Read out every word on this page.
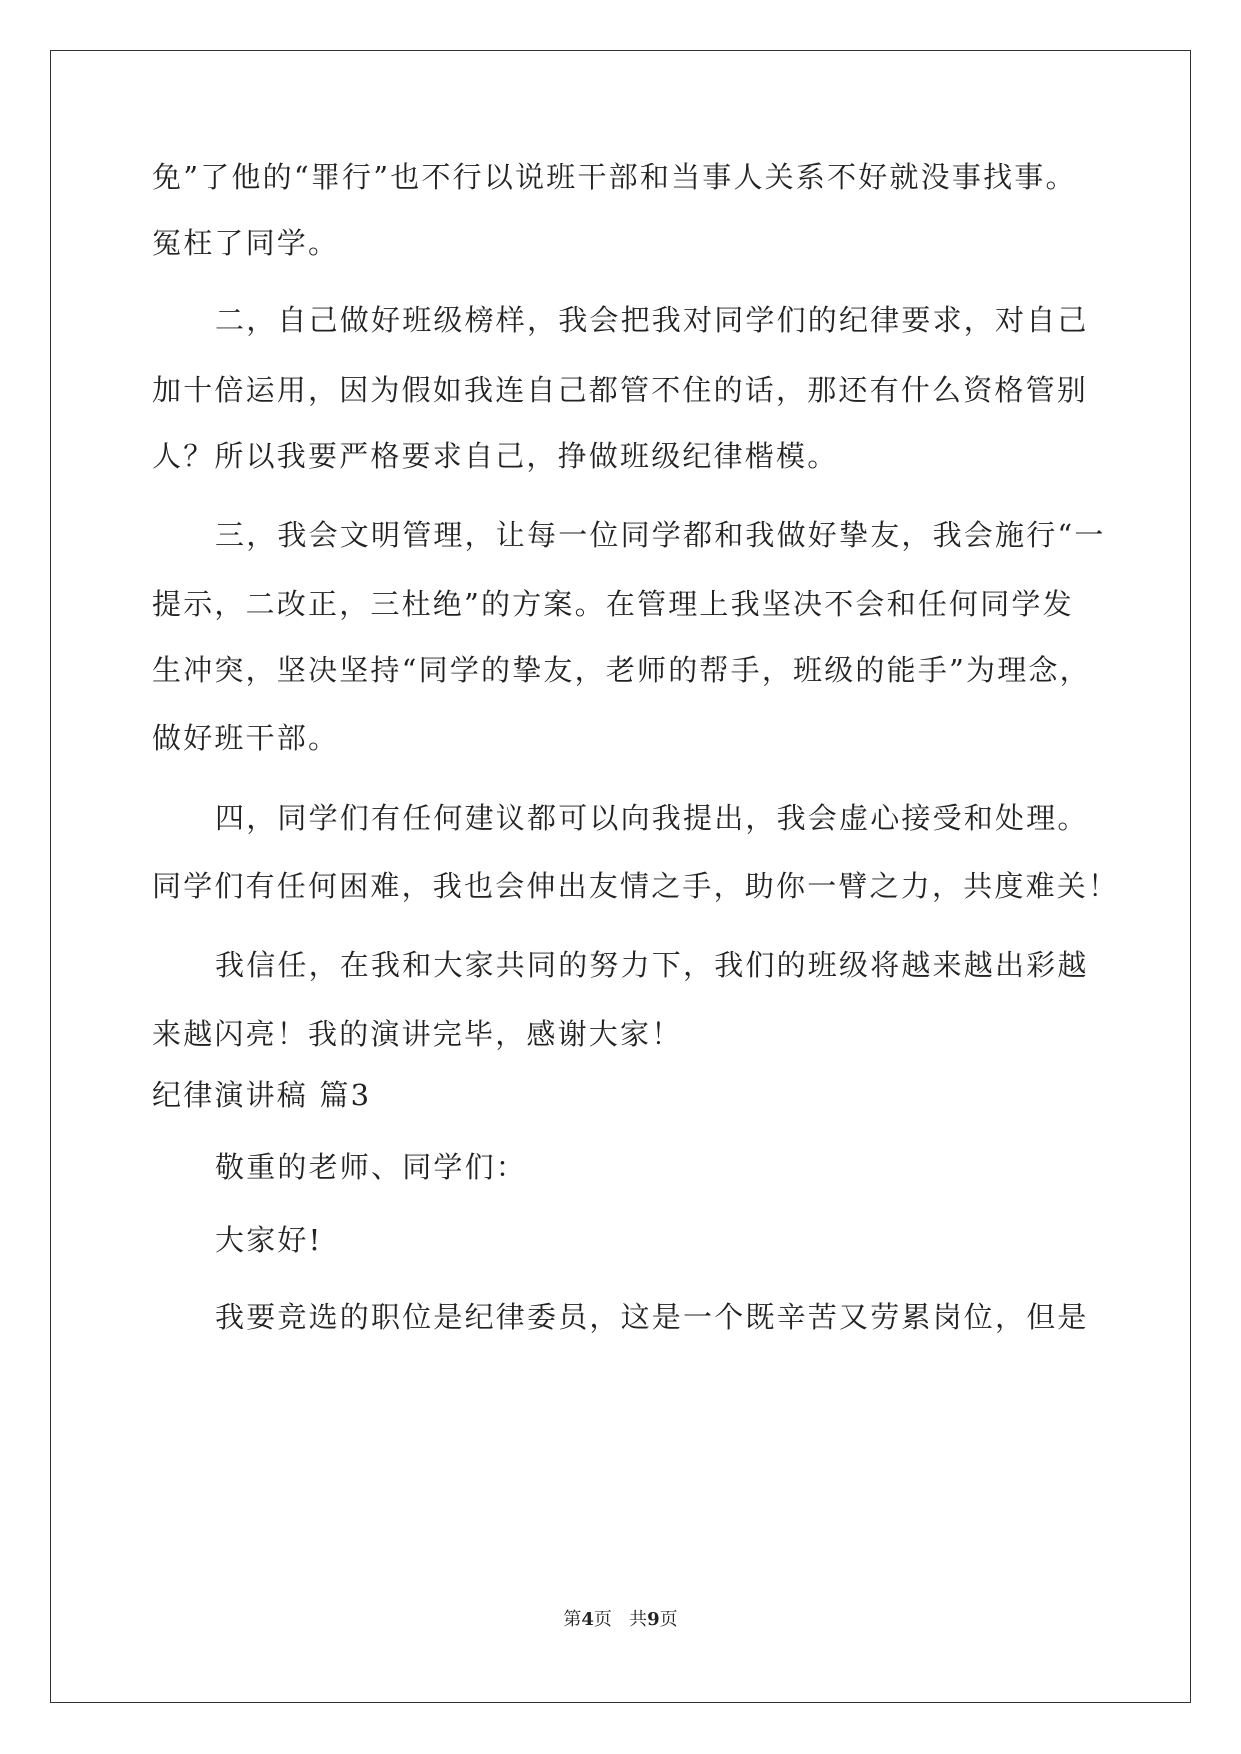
免”了他的“罪行”也不行以说班干部和当事人关系不好就没事找事。
冤枉了同学。
二，自己做好班级榜样，我会把我对同学们的纪律要求，对自己
加十倍运用，因为假如我连自己都管不住的话，那还有什么资格管别
人？所以我要严格要求自己，挣做班级纪律楷模。
三，我会文明管理，让每一位同学都和我做好挚友，我会施行“一
提示，二改正，三杜绝”的方案。在管理上我坚决不会和任何同学发
生冲突，坚决坚持“同学的挚友，老师的帮手，班级的能手”为理念，
做好班干部。
四，同学们有任何建议都可以向我提出，我会虚心接受和处理。
同学们有任何困难，我也会伸出友情之手，助你一臂之力，共度难关！
我信任，在我和大家共同的努力下，我们的班级将越来越出彩越
来越闪亮！我的演讲完毕，感谢大家！
纪律演讲稿 篇3
敬重的老师、同学们：
大家好!
我要竞选的职位是纪律委员，这是一个既辛苦又劳累岗位，但是
第4页 共9页
